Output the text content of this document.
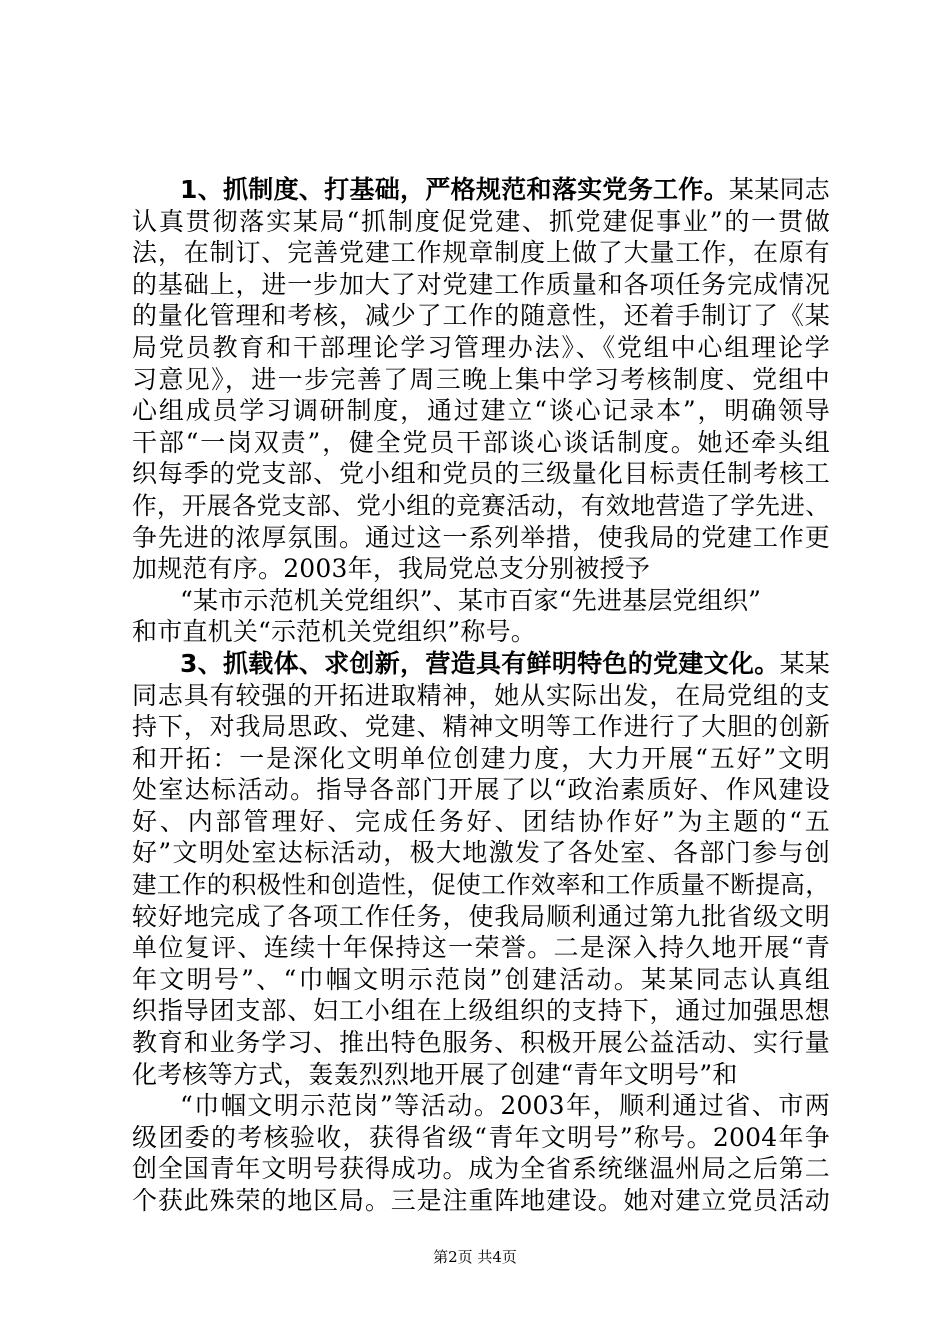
1、抓制度、打基础，严格规范和落实党务工作。某某同志
认真贯彻落实某局“抓制度促党建、抓党建促事业”的一贯做
法，在制订、完善党建工作规章制度上做了大量工作，在原有
的基础上，进一步加大了对党建工作质量和各项任务完成情况
的量化管理和考核，减少了工作的随意性，还着手制订了《某
局党员教育和干部理论学习管理办法》、《党组中心组理论学
习意见》，进一步完善了周三晚上集中学习考核制度、党组中
心组成员学习调研制度，通过建立“谈心记录本”，明确领导
干部“一岗双责”，健全党员干部谈心谈话制度。她还牵头组
织每季的党支部、党小组和党员的三级量化目标责任制考核工
作，开展各党支部、党小组的竞赛活动，有效地营造了学先进、
争先进的浓厚氛围。通过这一系列举措，使我局的党建工作更
加规范有序。2003年，我局党总支分别被授予
“某市示范机关党组织”、某市百家“先进基层党组织”
和市直机关“示范机关党组织”称号。
3、抓载体、求创新，营造具有鲜明特色的党建文化。某某
同志具有较强的开拓进取精神，她从实际出发，在局党组的支
持下，对我局思政、党建、精神文明等工作进行了大胆的创新
和开拓：一是深化文明单位创建力度，大力开展“五好”文明
处室达标活动。指导各部门开展了以“政治素质好、作风建设
好、内部管理好、完成任务好、团结协作好”为主题的“五
好”文明处室达标活动，极大地激发了各处室、各部门参与创
建工作的积极性和创造性，促使工作效率和工作质量不断提高，
较好地完成了各项工作任务，使我局顺利通过第九批省级文明
单位复评、连续十年保持这一荣誉。二是深入持久地开展“青
年文明号”、“巾帼文明示范岗”创建活动。某某同志认真组
织指导团支部、妇工小组在上级组织的支持下，通过加强思想
教育和业务学习、推出特色服务、积极开展公益活动、实行量
化考核等方式，轰轰烈烈地开展了创建“青年文明号”和
“巾帼文明示范岗”等活动。2003年，顺利通过省、市两
级团委的考核验收，获得省级“青年文明号”称号。2004年争
创全国青年文明号获得成功。成为全省系统继温州局之后第二
个获此殊荣的地区局。三是注重阵地建设。她对建立党员活动
第2页 共4页
